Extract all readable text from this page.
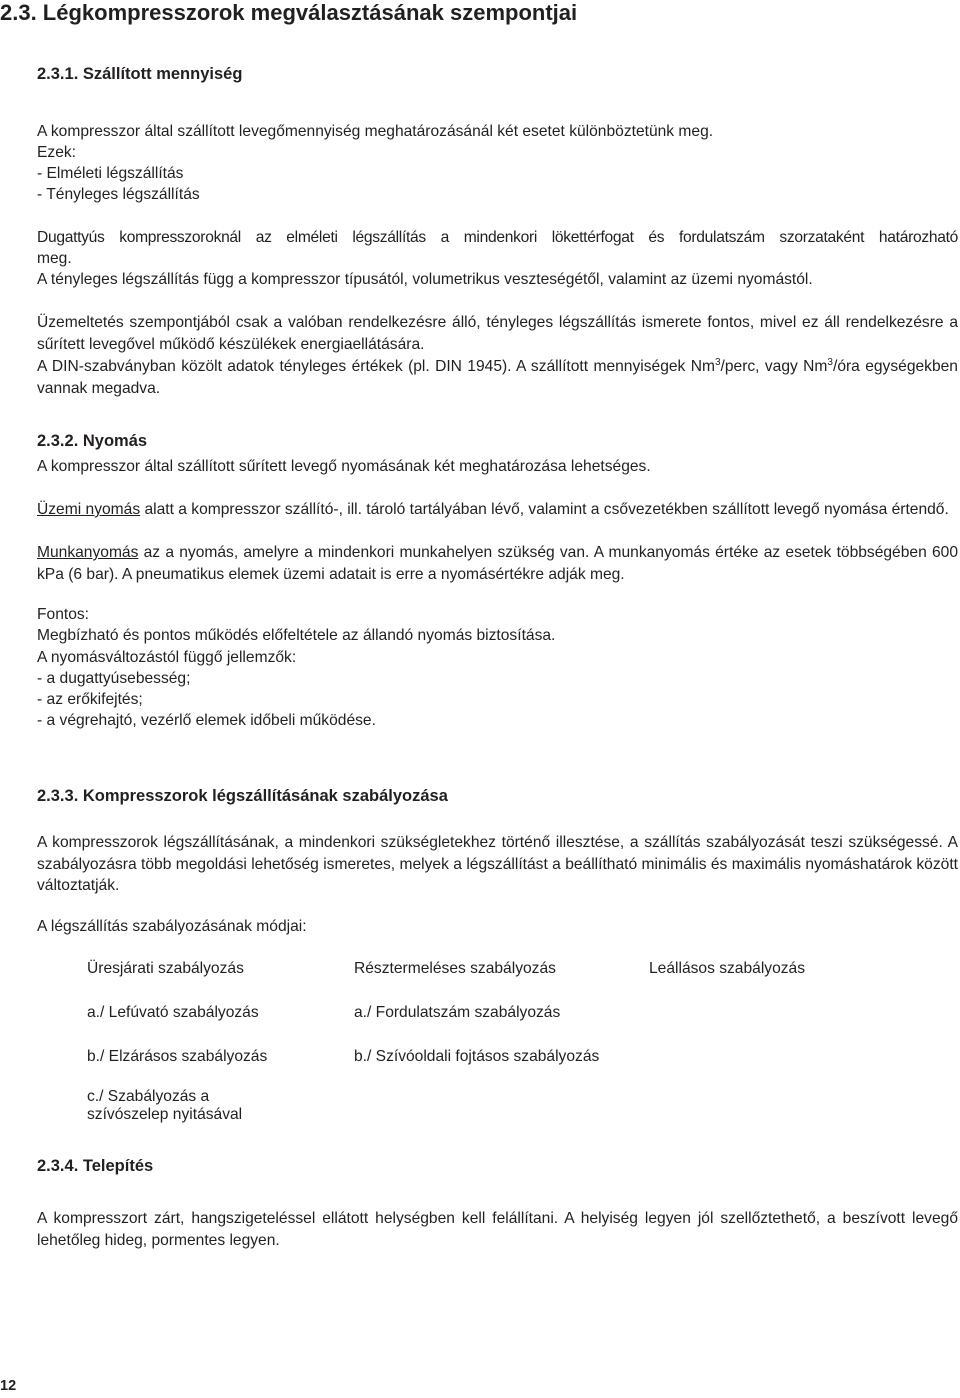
2.3. Légkompresszorok megválasztásának szempontjai
2.3.1. Szállított mennyiség

A kompresszor által szállított levegőmennyiség meghatározásánál két esetet különböztetünk meg.

Ezek:

- Elméleti légszállítás

- Tényleges légszállítás

Dugattyús kompresszoroknál az elméleti légszállítás a mindenkori lökettérfogat és fordulatszám szorzataként határozható

meg.

A tényleges légszállítás függ a kompresszor típusától, volumetrikus veszteségétől, valamint az üzemi nyomástól.

Üzemeltetés szempontjából csak a valóban rendelkezésre álló, tényleges légszállítás ismerete fontos, mivel ez áll rendelkezésre a sűrített levegővel működő készülékek energiaellátására.

A DIN-szabványban közölt adatok tényleges értékek (pl. DIN 1945). A szállított mennyiségek Nm$^3$/perc, vagy Nm$^3$/óra egységekben vannak megadva.

2.3.2. Nyomás

A kompresszor által szállított sűrített levegő nyomásának két meghatározása lehetséges.

Üzemi nyomás alatt a kompresszor szállító-, ill. tároló tartályában lévő, valamint a csővezetékben szállított levegő nyomása értendő.

Munkanyomás az a nyomás, amelyre a mindenkori munkahelyen szükség van. A munkanyomás értéke az esetek többségében 600 kPa (6 bar). A pneumatikus elemek üzemi adatait is erre a nyomásértékre adják meg.

Fontos:

Megbízható és pontos működés előfeltétele az állandó nyomás biztosítása.

A nyomásváltozástól függő jellemzők:

- a dugattyúsebesség;

- az erőkifejtés;

- a végrehajtó, vezérlő elemek időbeli működése.

2.3.3. Kompresszorok légszállításának szabályozása

A kompresszorok légszállításának, a mindenkori szükségletekhez történő illesztése, a szállítás szabályozását teszi szükségessé. A szabályozásra több megoldási lehetőség ismeretes, melyek a légszállítást a beállítható minimális és maximális nyomáshatárok között változtatják.

A légszállítás szabályozásának módjai:

Üresjárati szabályozás	Résztermeléses szabályozás	Leállásos szabályozás
a./ Lefúvató szabályozás	a./ Fordulatszám szabályozás
b./ Elzárásos szabályozás	b./ Szívóoldali fojtásos szabályozás
c./ Szabályozás a
szívószelep nyitásával
2.3.4. Telepítés

A kompresszort zárt, hangszigeteléssel ellátott helységben kell felállítani. A helyiség legyen jól szellőztethető, a beszívott levegő lehetőleg hideg, pormentes legyen.

12
